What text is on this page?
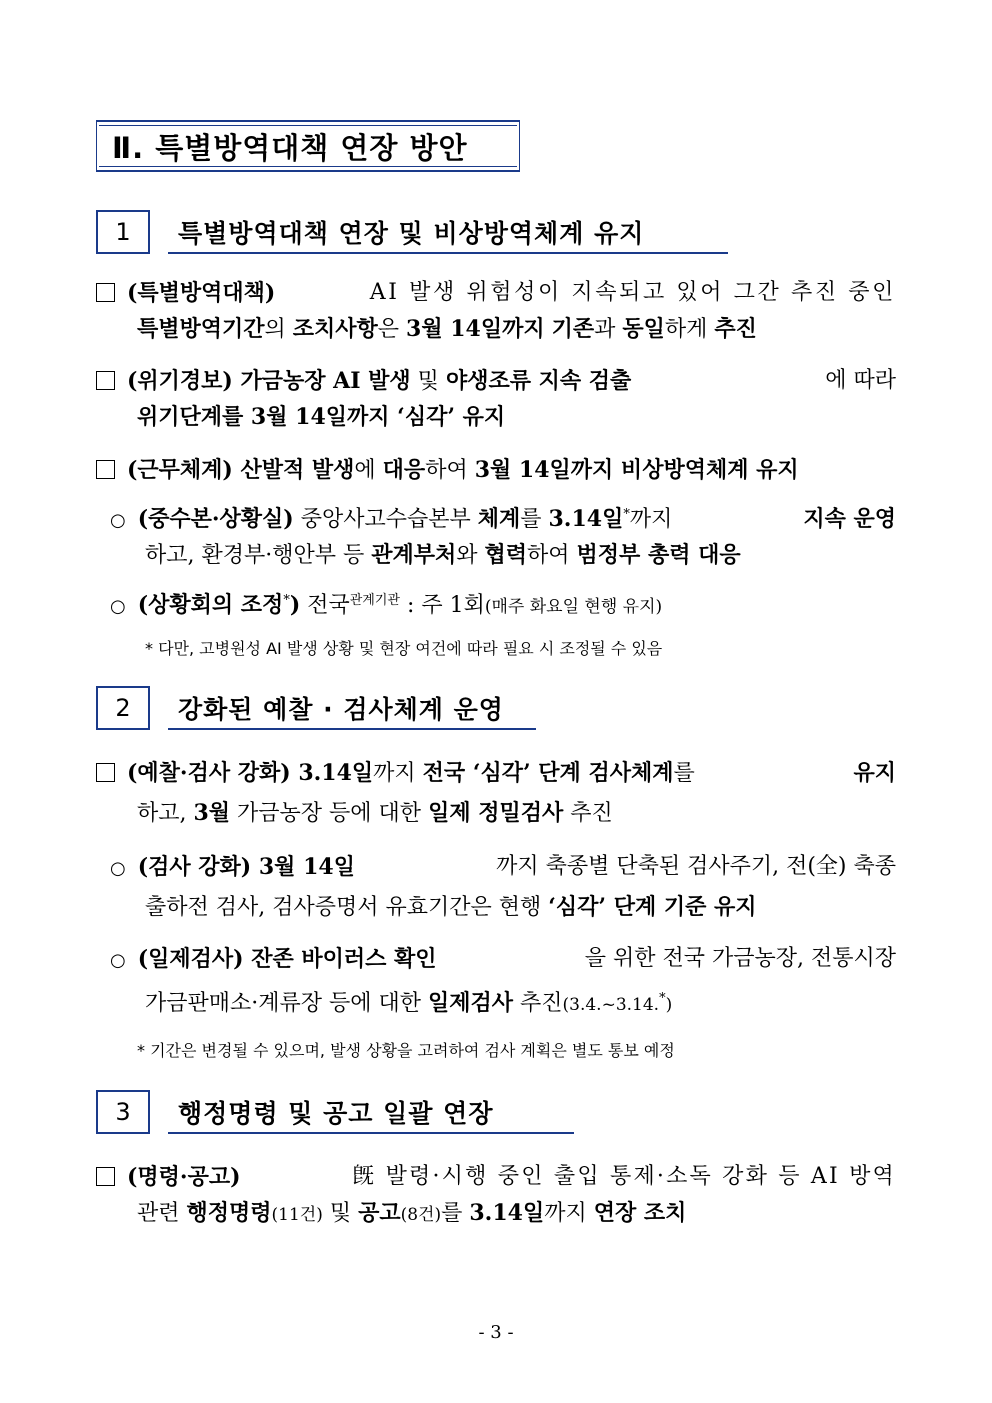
Ⅱ. 특별방역대책 연장 방안
1	특별방역대책 연장 및 비상방역체계 유지
(특별방역대책)	AI 발생 위험성이 지속되고 있어 그간 추진 중인
특별방역기간의 조치사항은 3월 14일까지 기존과 동일하게 추진
(위기경보) 가금농장 AI 발생 및 야생조류 지속 검출	에 따라
위기단계를 3월 14일까지 ‘심각’ 유지
(근무체계) 산발적 발생에 대응하여 3월 14일까지 비상방역체계 유지
○ (중수본·상황실) 중앙사고수습본부 체계를 3.14일*까지	지속 운영
하고, 환경부·행안부 등 관계부처와 협력하여 범정부 총력 대응
○ (상황회의 조정*) 전국$^{관계기관}$ : 주 1회(매주 화요일 현행 유지)
* 다만, 고병원성 AI 발생 상황 및 현장 여건에 따라 필요 시 조정될 수 있음
2	강화된 예찰 · 검사체계 운영
(예찰·검사 강화) 3.14일까지 전국 ‘심각’ 단계 검사체계를	유지
하고, 3월 가금농장 등에 대한 일제 정밀검사 추진
○ (검사 강화) 3월 14일	까지 축종별 단축된 검사주기, 전(全) 축종
출하전 검사, 검사증명서 유효기간은 현행 ‘심각’ 단계 기준 유지
○ (일제검사) 잔존 바이러스 확인	을 위한 전국 가금농장, 전통시장
가금판매소·계류장 등에 대한 일제검사 추진(3.4.~3.14.*)
* 기간은 변경될 수 있으며, 발생 상황을 고려하여 검사 계획은 별도 통보 예정
3	행정명령 및 공고 일괄 연장
(명령·공고)	旣 발령·시행 중인 출입 통제·소독 강화 등 AI 방역
관련 행정명령(11건) 및 공고(8건)를 3.14일까지 연장 조치
- 3 -
